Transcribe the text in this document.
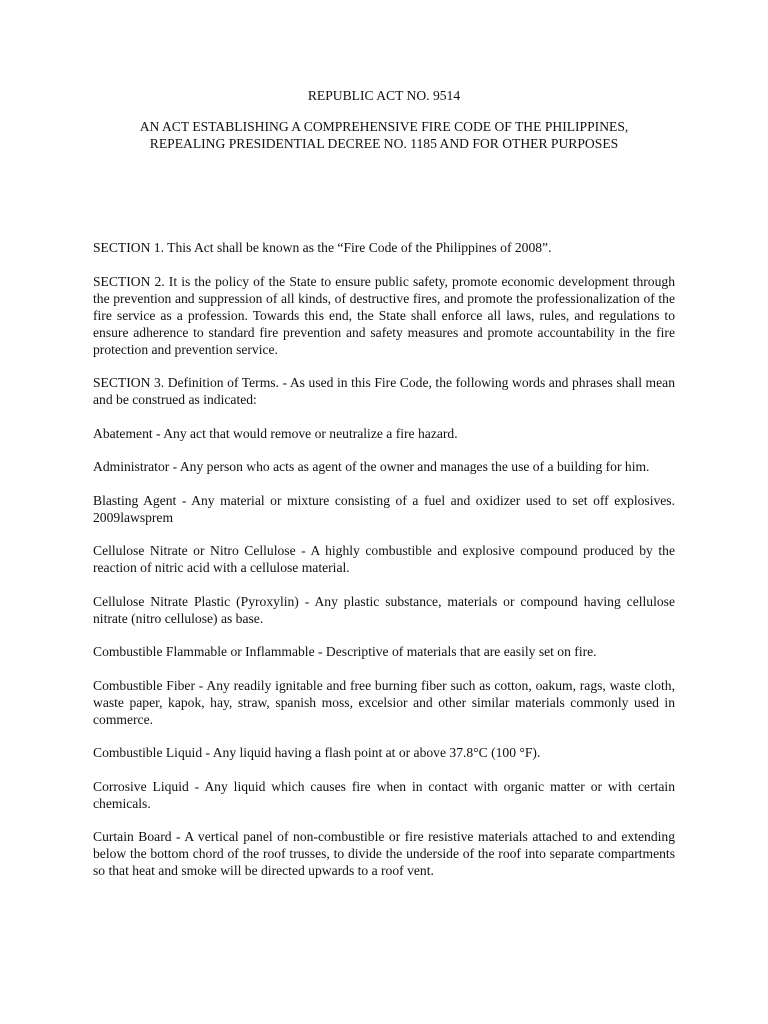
REPUBLIC ACT NO. 9514

AN ACT ESTABLISHING A COMPREHENSIVE FIRE CODE OF THE PHILIPPINES,
REPEALING PRESIDENTIAL DECREE NO. 1185 AND FOR OTHER PURPOSES

SECTION 1. This Act shall be known as the “Fire Code of the Philippines of 2008”.

SECTION 2. It is the policy of the State to ensure public safety, promote economic development through the prevention and suppression of all kinds, of destructive fires, and promote the professionalization of the fire service as a profession. Towards this end, the State shall enforce all laws, rules, and regulations to ensure adherence to standard fire prevention and safety measures and promote accountability in the fire protection and prevention service.

SECTION 3. Definition of Terms. - As used in this Fire Code, the following words and phrases shall mean and be construed as indicated:

Abatement - Any act that would remove or neutralize a fire hazard.

Administrator - Any person who acts as agent of the owner and manages the use of a building for him.

Blasting Agent - Any material or mixture consisting of a fuel and oxidizer used to set off explosives. 2009lawsprem

Cellulose Nitrate or Nitro Cellulose - A highly combustible and explosive compound produced by the reaction of nitric acid with a cellulose material.

Cellulose Nitrate Plastic (Pyroxylin) - Any plastic substance, materials or compound having cellulose nitrate (nitro cellulose) as base.

Combustible Flammable or Inflammable - Descriptive of materials that are easily set on fire.

Combustible Fiber - Any readily ignitable and free burning fiber such as cotton, oakum, rags, waste cloth, waste paper, kapok, hay, straw, spanish moss, excelsior and other similar materials commonly used in commerce.

Combustible Liquid - Any liquid having a flash point at or above 37.8°C (100 °F).

Corrosive Liquid - Any liquid which causes fire when in contact with organic matter or with certain chemicals.

Curtain Board - A vertical panel of non-combustible or fire resistive materials attached to and extending below the bottom chord of the roof trusses, to divide the underside of the roof into separate compartments so that heat and smoke will be directed upwards to a roof vent.
